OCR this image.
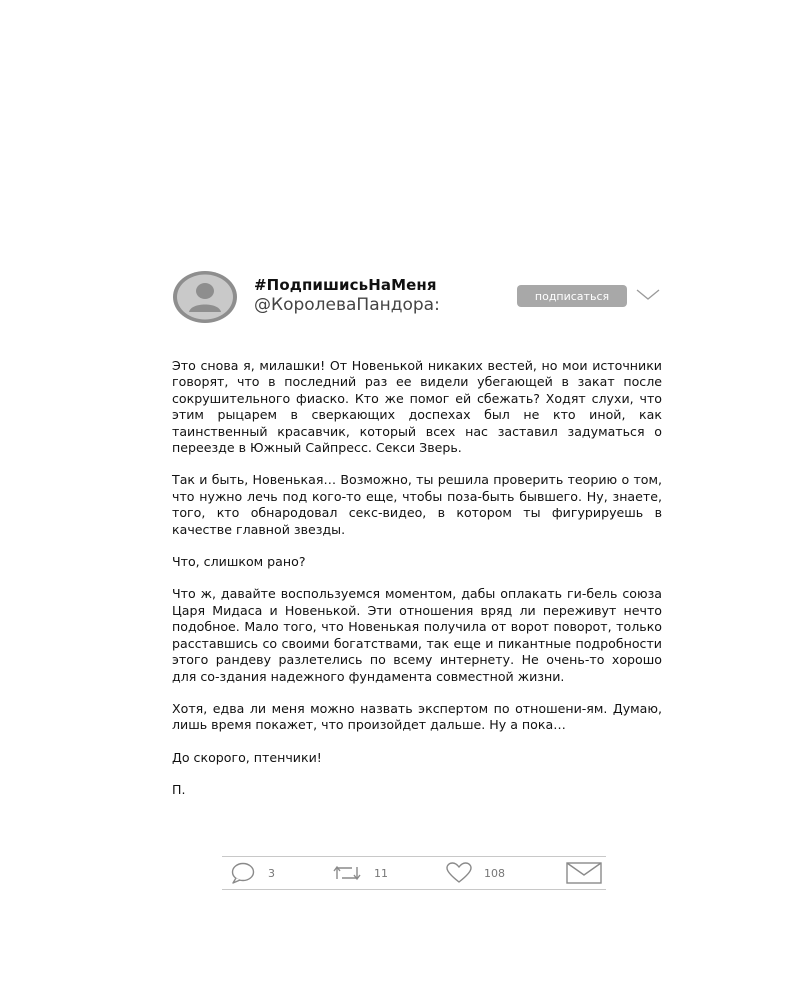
#ПодпишисьНаМеня
@КоролеваПандора:	подписаться

Это снова я, милашки! От Новенькой никаких вестей, но мои источники говорят, что в последний раз ее видели убегающей в закат после сокрушительного фиаско. Кто же помог ей сбежать? Ходят слухи, что этим рыцарем в сверкающих доспехах был не кто иной, как таинственный красавчик, который всех нас заставил задуматься о переезде в Южный Сайпресс. Секси Зверь.

Так и быть, Новенькая… Возможно, ты решила проверить теорию о том, что нужно лечь под кого-то еще, чтобы поза-быть бывшего. Ну, знаете, того, кто обнародовал секс-видео, в котором ты фигурируешь в качестве главной звезды.

Что, слишком рано?

Что ж, давайте воспользуемся моментом, дабы оплакать ги-бель союза Царя Мидаса и Новенькой. Эти отношения вряд ли переживут нечто подобное. Мало того, что Новенькая получила от ворот поворот, только расставшись со своими богатствами, так еще и пикантные подробности этого рандеву разлетелись по всему интернету. Не очень-то хорошо для со-здания надежного фундамента совместной жизни.

Хотя, едва ли меня можно назвать экспертом по отношени-ям. Думаю, лишь время покажет, что произойдет дальше. Ну а пока…

До скорого, птенчики!

П.

3	11	108
